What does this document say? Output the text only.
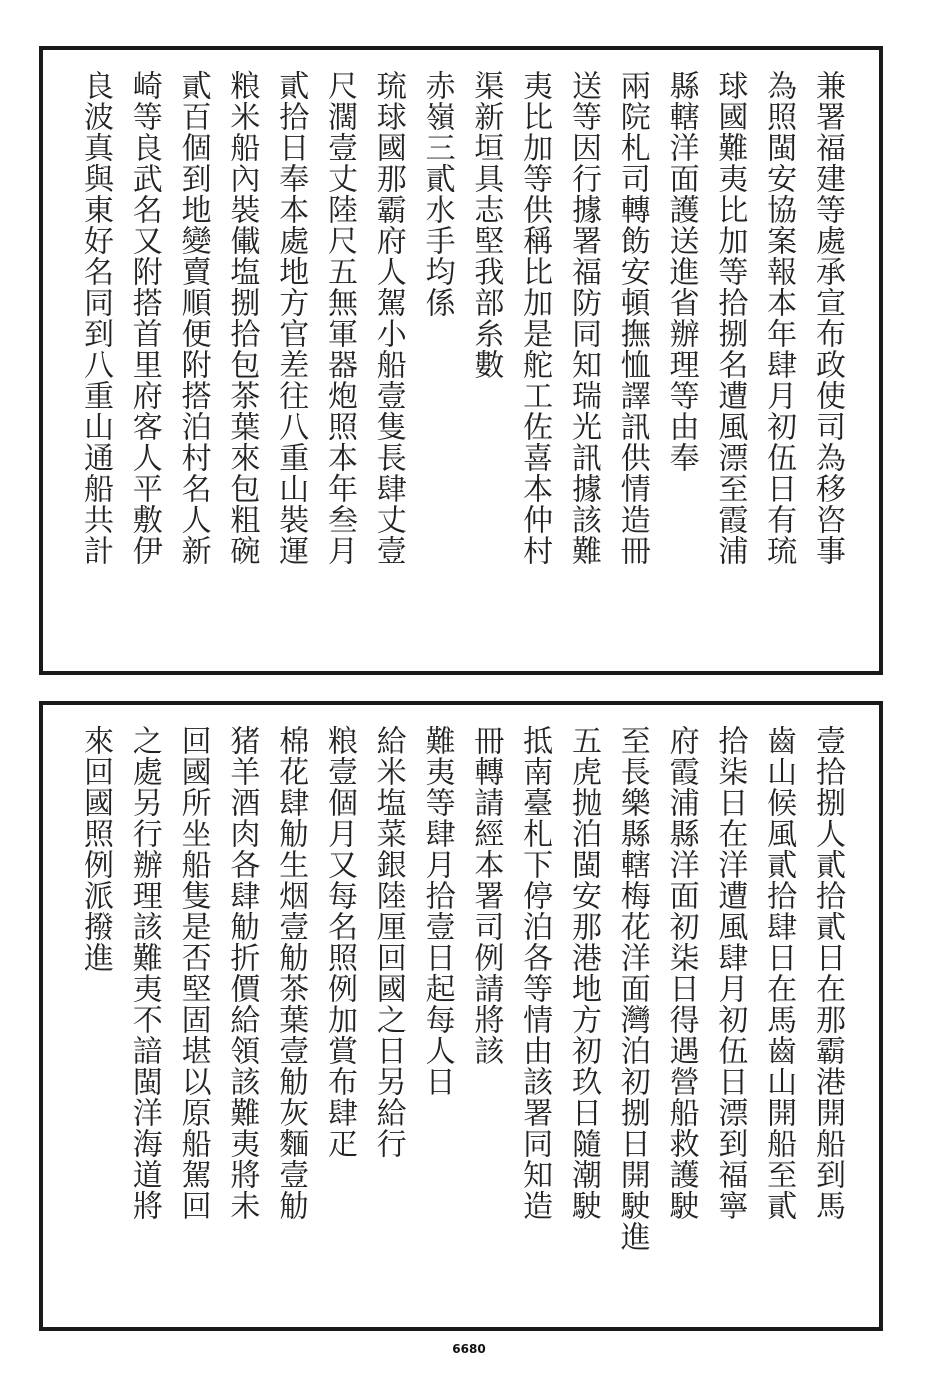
兼署福建等處承宣布政使司為移咨事
為照閩安協案報本年肆月初伍日有琉
球國難夷比加等拾捌名遭風漂至霞浦
縣轄洋面護送進省辦理等由奉
兩院札司轉飭安頓撫恤譯訊供情造冊
送等因行據署福防同知瑞光訊據該難
夷比加等供稱比加是舵工佐喜本仲村
渠新垣具志堅我部糸數
赤嶺三貳水手均係
琉球國那霸府人駕小船壹隻長肆丈壹
尺濶壹丈陸尺五無軍器炮照本年叁月
貳拾日奉本處地方官差往八重山裝運
粮米船內裝儎塩捌拾包茶葉來包粗碗
貳百個到地變賣順便附搭泊村名人新
崎等良武名又附搭首里府客人平敷伊
良波真與東好名同到八重山通船共計
壹拾捌人貳拾貳日在那霸港開船到馬
齒山候風貳拾肆日在馬齒山開船至貳
拾柒日在洋遭風肆月初伍日漂到福寧
府霞浦縣洋面初柒日得遇營船救護駛
至長樂縣轄梅花洋面灣泊初捌日開駛進
五虎抛泊閩安那港地方初玖日隨潮駛
抵南臺札下停泊各等情由該署同知造
冊轉請經本署司例請將該
難夷等肆月拾壹日起每人日
給米塩菜銀陸厘回國之日另給行
粮壹個月又每名照例加賞布肆疋
棉花肆觔生烟壹觔茶葉壹觔灰麵壹觔
猪羊酒肉各肆觔折價給領該難夷將未
回國所坐船隻是否堅固堪以原船駕回
之處另行辦理該難夷不諳閩洋海道將
來回國照例派撥進
6680
